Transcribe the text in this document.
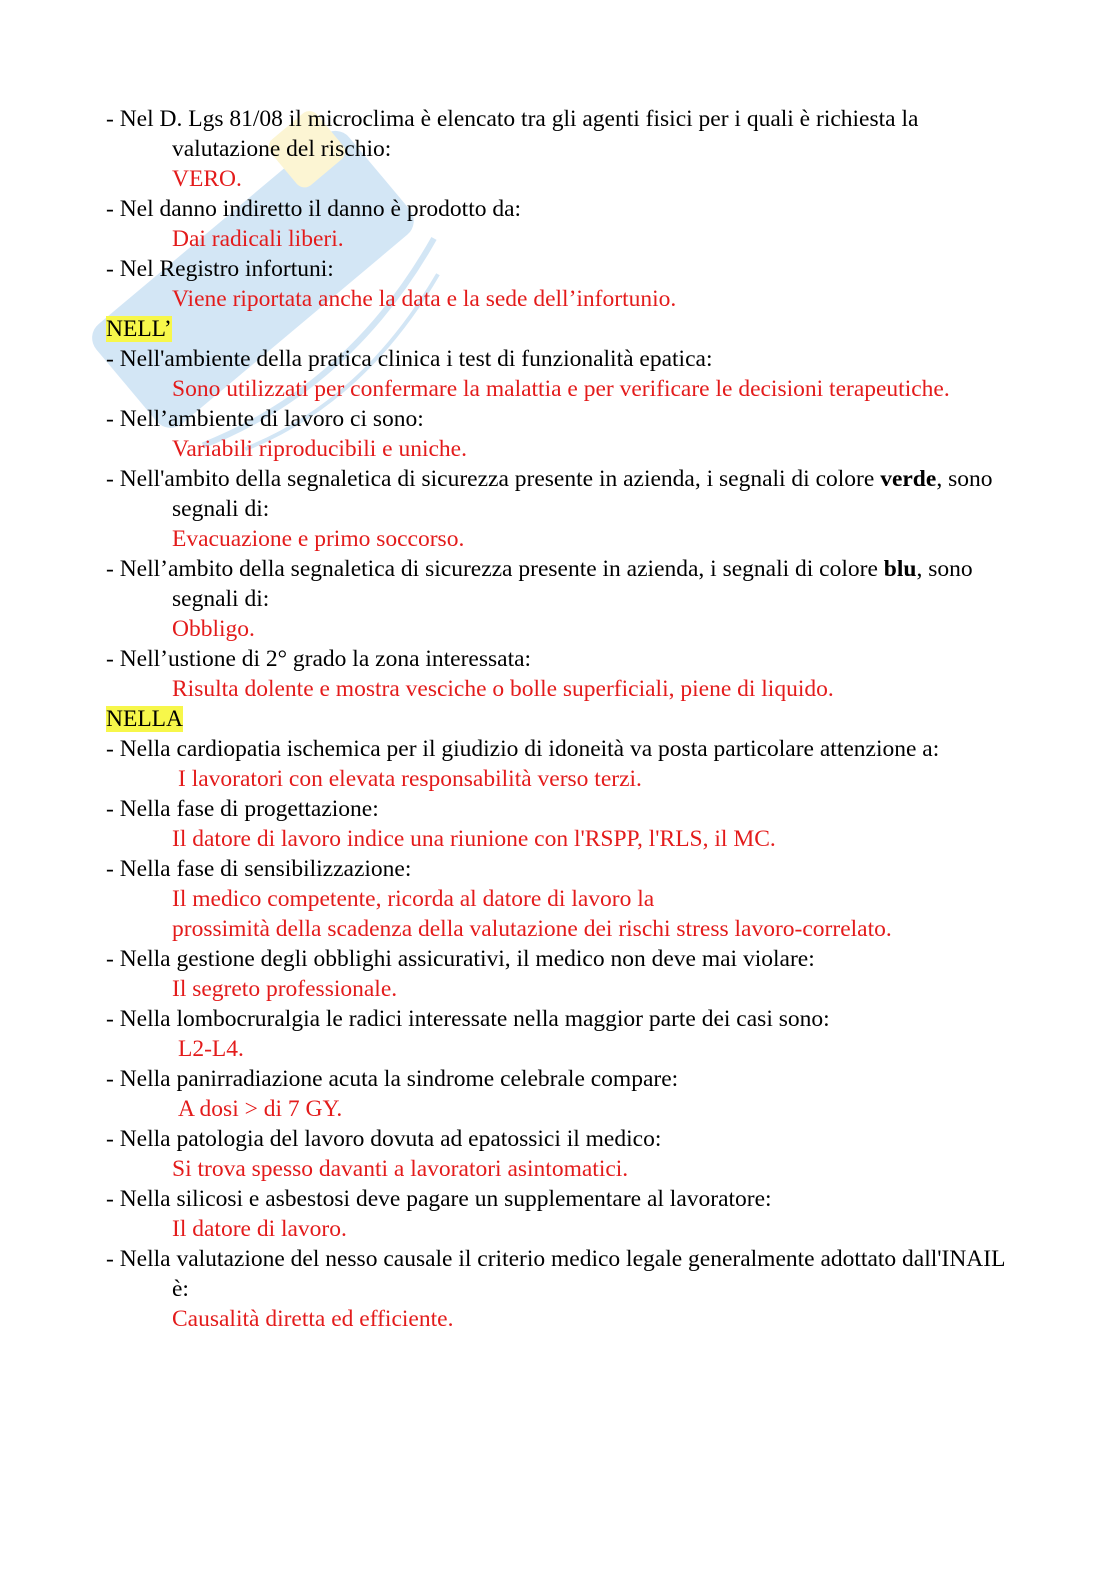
- Nel D. Lgs 81/08 il microclima è elencato tra gli agenti fisici per i quali è richiesta la valutazione del rischio:

VERO.

- Nel danno indiretto il danno è prodotto da:

Dai radicali liberi.

- Nel Registro infortuni:

Viene riportata anche la data e la sede dell’infortunio.

NELL’

- Nell'ambiente della pratica clinica i test di funzionalità epatica:

Sono utilizzati per confermare la malattia e per verificare le decisioni terapeutiche.

- Nell’ambiente di lavoro ci sono:

Variabili riproducibili e uniche.

- Nell'ambito della segnaletica di sicurezza presente in azienda, i segnali di colore verde, sono segnali di:

Evacuazione e primo soccorso.

- Nell’ambito della segnaletica di sicurezza presente in azienda, i segnali di colore blu, sono segnali di:

Obbligo.

- Nell’ustione di 2° grado la zona interessata:

Risulta dolente e mostra vesciche o bolle superficiali, piene di liquido.

NELLA

- Nella cardiopatia ischemica per il giudizio di idoneità va posta particolare attenzione a:

I lavoratori con elevata responsabilità verso terzi.

- Nella fase di progettazione:

Il datore di lavoro indice una riunione con l'RSPP, l'RLS, il MC.

- Nella fase di sensibilizzazione:

Il medico competente, ricorda al datore di lavoro la

prossimità della scadenza della valutazione dei rischi stress lavoro-correlato.

- Nella gestione degli obblighi assicurativi, il medico non deve mai violare:

Il segreto professionale.

- Nella lombocruralgia le radici interessate nella maggior parte dei casi sono:

L2-L4.

- Nella panirradiazione acuta la sindrome celebrale compare:

A dosi > di 7 GY.

- Nella patologia del lavoro dovuta ad epatossici il medico:

Si trova spesso davanti a lavoratori asintomatici.

- Nella silicosi e asbestosi deve pagare un supplementare al lavoratore:

Il datore di lavoro.

- Nella valutazione del nesso causale il criterio medico legale generalmente adottato dall'INAIL è:

Causalità diretta ed efficiente.
